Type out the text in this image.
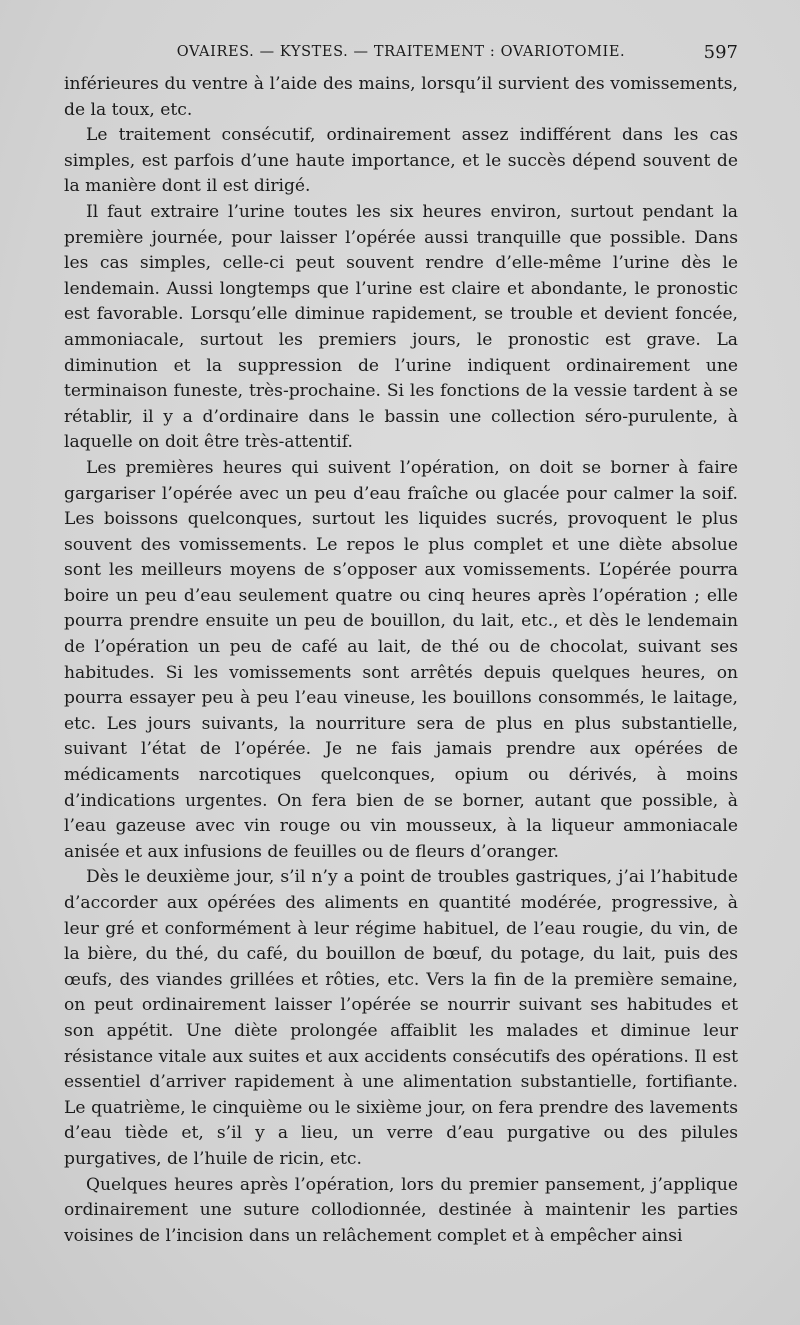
OVAIRES. — KYSTES. — TRAITEMENT : OVARIOTOMIE.	597

inférieures du ventre à l’aide des mains, lorsqu’il survient des vomissements, de la toux, etc.

Le traitement consécutif, ordinairement assez indifférent dans les cas simples, est parfois d’une haute importance, et le succès dépend souvent de la manière dont il est dirigé.

Il faut extraire l’urine toutes les six heures environ, surtout pendant la première journée, pour laisser l’opérée aussi tranquille que possible. Dans les cas simples, celle-ci peut souvent rendre d’elle-même l’urine dès le lendemain. Aussi longtemps que l’urine est claire et abondante, le pronostic est favorable. Lorsqu’elle diminue rapidement, se trouble et devient foncée, ammoniacale, surtout les premiers jours, le pronostic est grave. La diminution et la suppression de l’urine indiquent ordinairement une terminaison funeste, très-prochaine. Si les fonctions de la vessie tardent à se rétablir, il y a d’ordinaire dans le bassin une collection séro-purulente, à laquelle on doit être très-attentif.

Les premières heures qui suivent l’opération, on doit se borner à faire gargariser l’opérée avec un peu d’eau fraîche ou glacée pour calmer la soif. Les boissons quelconques, surtout les liquides sucrés, provoquent le plus souvent des vomissements. Le repos le plus complet et une diète absolue sont les meilleurs moyens de s’opposer aux vomissements. L’opérée pourra boire un peu d’eau seulement quatre ou cinq heures après l’opération ; elle pourra prendre ensuite un peu de bouillon, du lait, etc., et dès le lendemain de l’opération un peu de café au lait, de thé ou de chocolat, suivant ses habitudes. Si les vomissements sont arrêtés depuis quelques heures, on pourra essayer peu à peu l’eau vineuse, les bouillons consommés, le laitage, etc. Les jours suivants, la nourriture sera de plus en plus substantielle, suivant l’état de l’opérée. Je ne fais jamais prendre aux opérées de médicaments narcotiques quelconques, opium ou dérivés, à moins d’indications urgentes. On fera bien de se borner, autant que possible, à l’eau gazeuse avec vin rouge ou vin mousseux, à la liqueur ammoniacale anisée et aux infusions de feuilles ou de fleurs d’oranger.

Dès le deuxième jour, s’il n’y a point de troubles gastriques, j’ai l’habitude d’accorder aux opérées des aliments en quantité modérée, progressive, à leur gré et conformément à leur régime habituel, de l’eau rougie, du vin, de la bière, du thé, du café, du bouillon de bœuf, du potage, du lait, puis des œufs, des viandes grillées et rôties, etc. Vers la fin de la première semaine, on peut ordinairement laisser l’opérée se nourrir suivant ses habitudes et son appétit. Une diète prolongée affaiblit les malades et diminue leur résistance vitale aux suites et aux accidents consécutifs des opérations. Il est essentiel d’arriver rapidement à une alimentation substantielle, fortifiante. Le quatrième, le cinquième ou le sixième jour, on fera prendre des lavements d’eau tiède et, s’il y a lieu, un verre d’eau purgative ou des pilules purgatives, de l’huile de ricin, etc.

Quelques heures après l’opération, lors du premier pansement, j’applique ordinairement une suture collodionnée, destinée à maintenir les parties voisines de l’incision dans un relâchement complet et à empêcher ainsi
